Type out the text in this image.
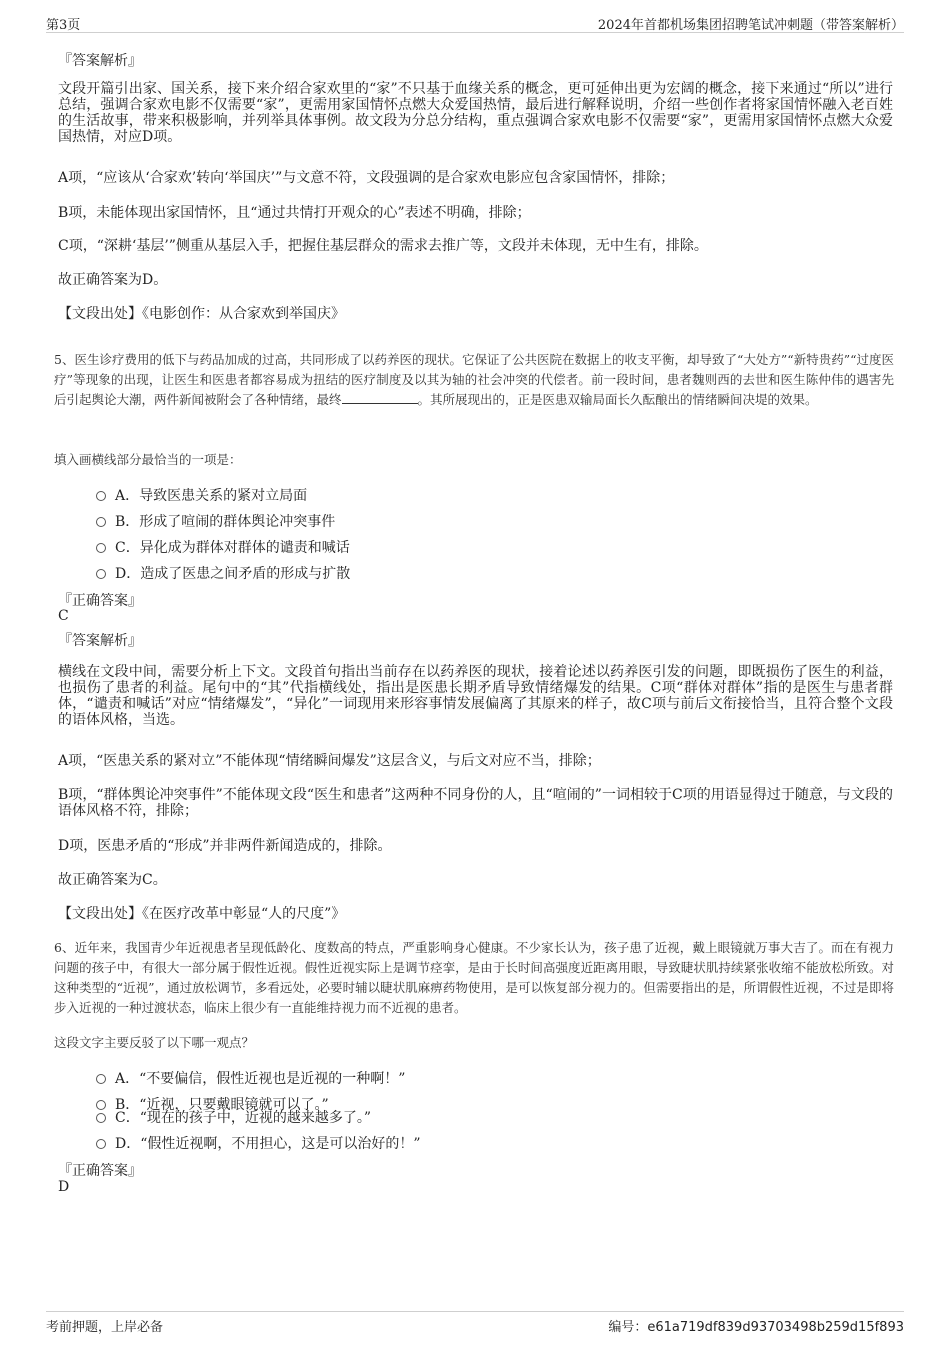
第3页	2024年首都机场集团招聘笔试冲刺题（带答案解析）
『答案解析』
文段开篇引出家、国关系，接下来介绍合家欢里的“家”不只基于血缘关系的概念，更可延伸出更为宏阔的概念，接下来通过“所以”进行总结，强调合家欢电影不仅需要“家”，更需用家国情怀点燃大众爱国热情，最后进行解释说明，介绍一些创作者将家国情怀融入老百姓的生活故事，带来积极影响，并列举具体事例。故文段为分总分结构，重点强调合家欢电影不仅需要“家”，更需用家国情怀点燃大众爱国热情，对应D项。
A项，“应该从‘合家欢’转向‘举国庆’”与文意不符，文段强调的是合家欢电影应包含家国情怀，排除；
B项，未能体现出家国情怀，且“通过共情打开观众的心”表述不明确，排除；
C项，“深耕‘基层’”侧重从基层入手，把握住基层群众的需求去推广等，文段并未体现，无中生有，排除。
故正确答案为D。
【文段出处】《电影创作：从合家欢到举国庆》
5、医生诊疗费用的低下与药品加成的过高，共同形成了以药养医的现状。它保证了公共医院在数据上的收支平衡，却导致了“大处方”“新特贵药”“过度医疗”等现象的出现，让医生和医患者都容易成为扭结的医疗制度及以其为轴的社会冲突的代偿者。前一段时间，患者魏则西的去世和医生陈仲伟的遇害先后引起舆论大潮，两件新闻被附会了各种情绪，最终	。其所展现出的，正是医患双输局面长久酝酿出的情绪瞬间决堤的效果。
填入画横线部分最恰当的一项是：
A．导致医患关系的紧对立局面
B．形成了喧闹的群体舆论冲突事件
C．异化成为群体对群体的谴责和喊话
D．造成了医患之间矛盾的形成与扩散
『正确答案』
C
『答案解析』
横线在文段中间，需要分析上下文。文段首句指出当前存在以药养医的现状，接着论述以药养医引发的问题，即既损伤了医生的利益，也损伤了患者的利益。尾句中的“其”代指横线处，指出是医患长期矛盾导致情绪爆发的结果。C项“群体对群体”指的是医生与患者群体，“谴责和喊话”对应“情绪爆发”，“异化”一词现用来形容事情发展偏离了其原来的样子，故C项与前后文衔接恰当，且符合整个文段的语体风格，当选。
A项，“医患关系的紧对立”不能体现“情绪瞬间爆发”这层含义，与后文对应不当，排除；
B项，“群体舆论冲突事件”不能体现文段“医生和患者”这两种不同身份的人，且“喧闹的”一词相较于C项的用语显得过于随意，与文段的语体风格不符，排除；
D项，医患矛盾的“形成”并非两件新闻造成的，排除。
故正确答案为C。
【文段出处】《在医疗改革中彰显“人的尺度”》
6、近年来，我国青少年近视患者呈现低龄化、度数高的特点，严重影响身心健康。不少家长认为，孩子患了近视，戴上眼镜就万事大吉了。而在有视力问题的孩子中，有很大一部分属于假性近视。假性近视实际上是调节痉挛，是由于长时间高强度近距离用眼，导致睫状肌持续紧张收缩不能放松所致。对这种类型的“近视”，通过放松调节，多看远处，必要时辅以睫状肌麻痹药物使用，是可以恢复部分视力的。但需要指出的是，所谓假性近视，不过是即将步入近视的一种过渡状态，临床上很少有一直能维持视力而不近视的患者。
这段文字主要反驳了以下哪一观点？
A．“不要偏信，假性近视也是近视的一种啊！”
B．“近视，只要戴眼镜就可以了。”
C．“现在的孩子中，近视的越来越多了。”
D．“假性近视啊，不用担心，这是可以治好的！”
『正确答案』
D
考前押题，上岸必备	编号：e61a719df839d93703498b259d15f893
